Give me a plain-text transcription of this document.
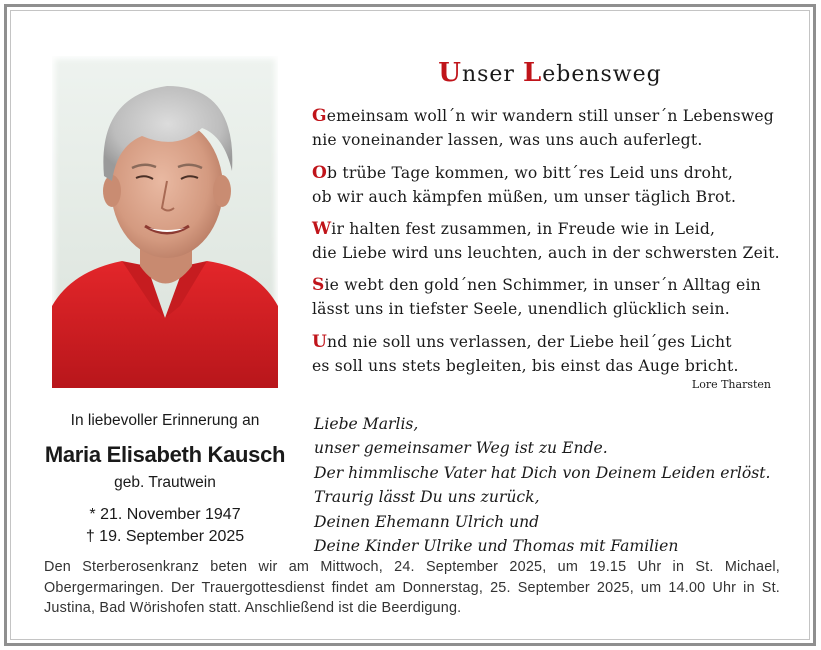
Unser Lebensweg
Gemeinsam woll´n wir wandern still unser´n Lebensweg
nie voneinander lassen, was uns auch auferlegt.
Ob trübe Tage kommen, wo bitt´res Leid uns droht,
ob wir auch kämpfen müßen, um unser täglich Brot.
Wir halten fest zusammen, in Freude wie in Leid,
die Liebe wird uns leuchten, auch in der schwersten Zeit.
Sie webt den gold´nen Schimmer, in unser´n Alltag ein
lässt uns in tiefster Seele, unendlich glücklich sein.
Und nie soll uns verlassen, der Liebe heil´ges Licht
es soll uns stets begleiten, bis einst das Auge bricht.
Lore Tharsten
In liebevoller Erinnerung an
Maria Elisabeth Kausch
geb. Trautwein
* 21. November 1947
† 19. September 2025
Liebe Marlis,
unser gemeinsamer Weg ist zu Ende.
Der himmlische Vater hat Dich von Deinem Leiden erlöst.
Traurig lässt Du uns zurück,
Deinen Ehemann Ulrich und
Deine Kinder Ulrike und Thomas mit Familien
Den Sterberosenkranz beten wir am Mittwoch, 24. September 2025, um 19.15 Uhr in St. Michael, Obergermaringen. Der Trauergottesdienst findet am Donnerstag, 25. September 2025, um 14.00 Uhr in St. Justina, Bad Wörishofen statt. Anschließend ist die Beerdigung.
